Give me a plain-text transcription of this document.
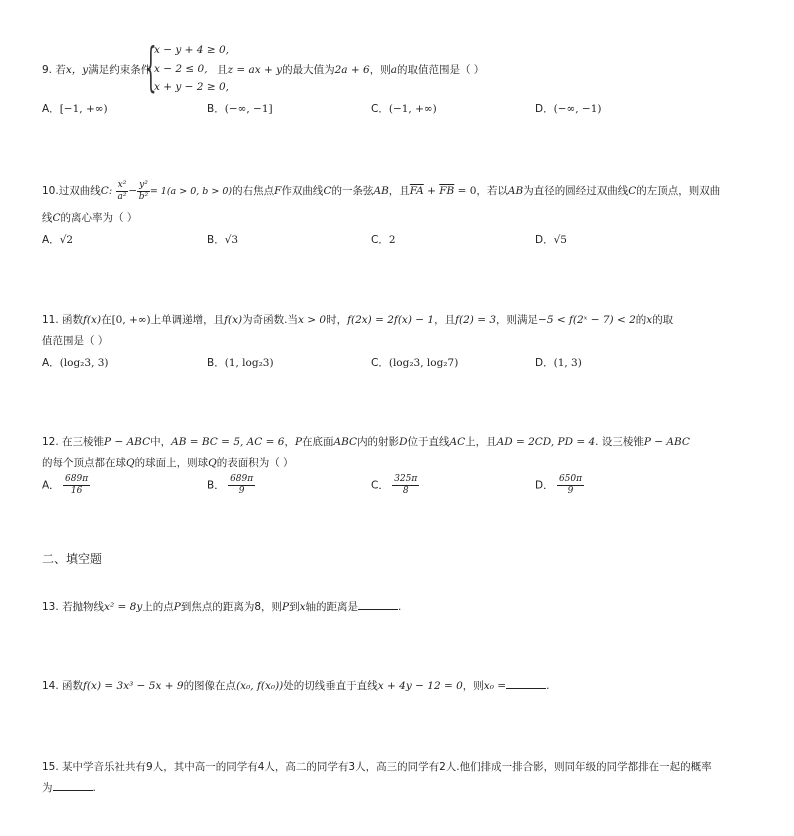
9. 若x，y满足约束条件
{
x − y + 4 ≥ 0,
x − 2 ≤ 0,
x + y − 2 ≥ 0,
且z = ax + y的最大值为2a + 6，则a的取值范围是（ ）
A．[−1, +∞)	B．(−∞, −1]	C．(−1, +∞)	D．(−∞, −1)
10.过双曲线C: $\frac{\text{x²}}{\text{a²}} - \frac{\text{y²}}{\text{b²}} = 1(a > 0$, b > 0)的右焦点F作双曲线C的一条弦AB，且$\overline{FA} + \overline{FB} = 0$，若以AB为直径的圆经过双曲线C的左顶点，则双曲
线C的离心率为（ ）
A．√2	B．√3	C．2	D．√5
11. 函数f(x)在[0, +∞)上单调递增，且f(x)为奇函数.当x > 0时，f(2x) = 2f(x) − 1，且f(2) = 3，则满足−5 < f(2ˣ − 7) < 2的x的取
值范围是（ ）
A．(log₂3, 3)	B．(1, log₂3)	C．(log₂3, log₂7)	D．(1, 3)
12. 在三棱锥P − ABC中，AB = BC = 5, AC = 6，P在底面ABC内的射影D位于直线AC上，且AD = 2CD, PD = 4. 设三棱锥P − ABC
的每个顶点都在球Q的球面上，则球Q的表面积为（ ）
A． $\frac{689\pi}{16}$	B． $\frac{689\pi}{9}$	C． $\frac{325\pi}{8}$	D． $\frac{650\pi}{9}$
二、填空题
13. 若抛物线x² = 8y上的点P到焦点的距离为8，则P到x轴的距离是	.
14. 函数f(x) = 3x³ − 5x + 9的图像在点(x₀, f(x₀))处的切线垂直于直线x + 4y − 12 = 0，则x₀ =	.
15. 某中学音乐社共有9人，其中高一的同学有4人，高二的同学有3人，高三的同学有2人.他们排成一排合影，则同年级的同学都排在一起的概率
为	.
